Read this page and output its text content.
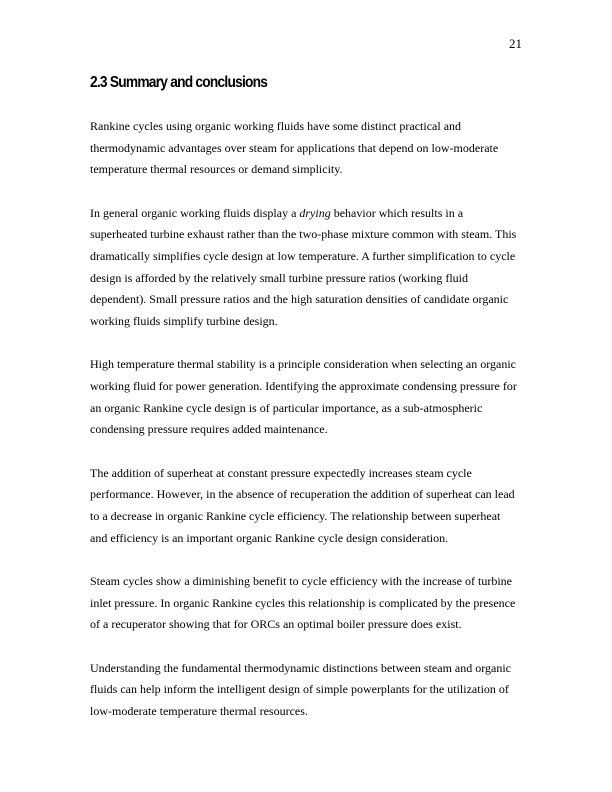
21
2.3 Summary and conclusions

Rankine cycles using organic working fluids have some distinct practical and
thermodynamic advantages over steam for applications that depend on low-moderate
temperature thermal resources or demand simplicity.

In general organic working fluids display a drying behavior which results in a
superheated turbine exhaust rather than the two-phase mixture common with steam. This
dramatically simplifies cycle design at low temperature. A further simplification to cycle
design is afforded by the relatively small turbine pressure ratios (working fluid
dependent). Small pressure ratios and the high saturation densities of candidate organic
working fluids simplify turbine design.

High temperature thermal stability is a principle consideration when selecting an organic
working fluid for power generation. Identifying the approximate condensing pressure for
an organic Rankine cycle design is of particular importance, as a sub-atmospheric
condensing pressure requires added maintenance.

The addition of superheat at constant pressure expectedly increases steam cycle
performance. However, in the absence of recuperation the addition of superheat can lead
to a decrease in organic Rankine cycle efficiency. The relationship between superheat
and efficiency is an important organic Rankine cycle design consideration.

Steam cycles show a diminishing benefit to cycle efficiency with the increase of turbine
inlet pressure. In organic Rankine cycles this relationship is complicated by the presence
of a recuperator showing that for ORCs an optimal boiler pressure does exist.

Understanding the fundamental thermodynamic distinctions between steam and organic
fluids can help inform the intelligent design of simple powerplants for the utilization of
low-moderate temperature thermal resources.
